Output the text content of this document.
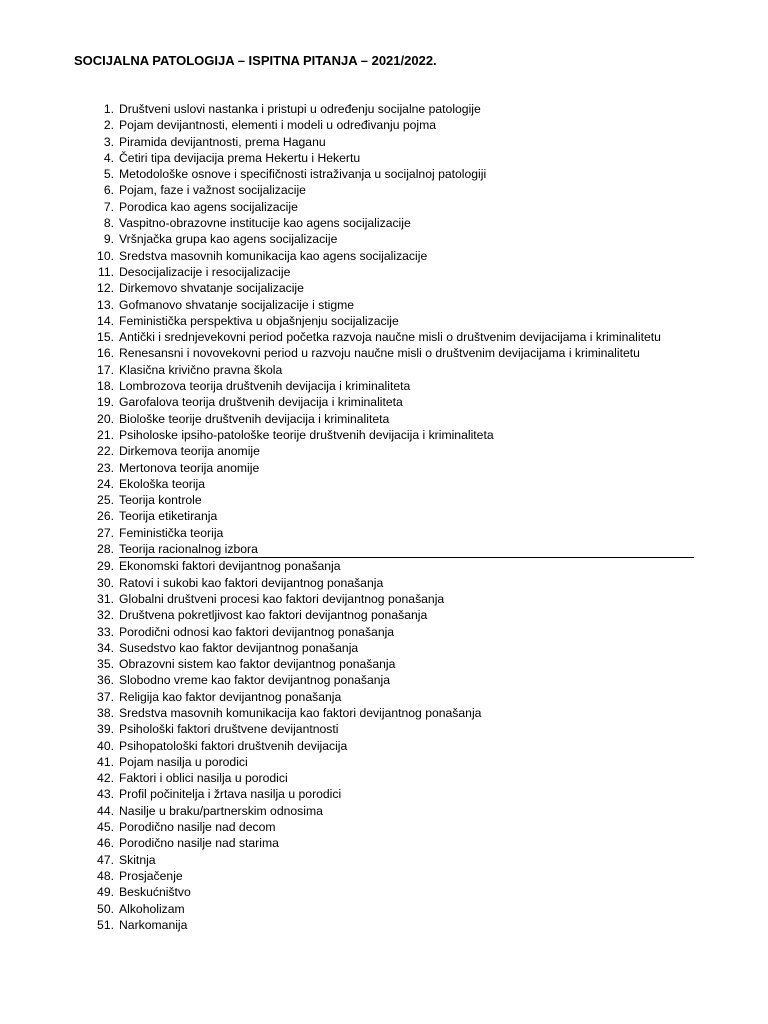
SOCIJALNA PATOLOGIJA – ISPITNA PITANJA – 2021/2022.
1. Društveni uslovi nastanka i pristupi u određenju socijalne patologije
2. Pojam devijantnosti, elementi i modeli u određivanju pojma
3. Piramida devijantnosti, prema Haganu
4. Četiri tipa devijacija prema Hekertu i Hekertu
5. Metodološke osnove i specifičnosti istraživanja u socijalnoj patologiji
6. Pojam, faze i važnost socijalizacije
7. Porodica kao agens socijalizacije
8. Vaspitno-obrazovne institucije kao agens socijalizacije
9. Vršnjačka grupa kao agens socijalizacije
10. Sredstva masovnih komunikacija kao agens socijalizacije
11. Desocijalizacije i resocijalizacije
12. Dirkemovo shvatanje socijalizacije
13. Gofmanovo shvatanje socijalizacije i stigme
14. Feministička perspektiva u objašnjenju socijalizacije
15. Antički i srednjevekovni period početka razvoja naučne misli o društvenim devijacijama i kriminalitetu
16. Renesansni i novovekovni period u razvoju naučne misli o društvenim devijacijama i kriminalitetu
17. Klasična krivično pravna škola
18. Lombrozova teorija društvenih devijacija i kriminaliteta
19. Garofalova teorija društvenih devijacija i kriminaliteta
20. Biološke teorije društvenih devijacija i kriminaliteta
21. Psiholoske ipsiho-patološke teorije društvenih devijacija i kriminaliteta
22. Dirkemova teorija anomije
23. Mertonova teorija anomije
24. Ekološka teorija
25. Teorija kontrole
26. Teorija etiketiranja
27. Feministička teorija
28. Teorija racionalnog izbora
29. Ekonomski faktori devijantnog ponašanja
30. Ratovi i sukobi kao faktori devijantnog ponašanja
31. Globalni društveni procesi kao faktori devijantnog ponašanja
32. Društvena pokretljivost kao faktori devijantnog ponašanja
33. Porodični odnosi kao faktori devijantnog ponašanja
34. Susedstvo kao faktor devijantnog ponašanja
35. Obrazovni sistem kao faktor devijantnog ponašanja
36. Slobodno vreme kao faktor devijantnog ponašanja
37. Religija kao faktor devijantnog ponašanja
38. Sredstva masovnih komunikacija kao faktori devijantnog ponašanja
39. Psihološki faktori društvene devijantnosti
40. Psihopatološki faktori društvenih devijacija
41. Pojam nasilja u porodici
42. Faktori i oblici nasilja u porodici
43. Profil počinitelja i žrtava nasilja u porodici
44. Nasilje u braku/partnerskim odnosima
45. Porodično nasilje nad decom
46. Porodično nasilje nad starima
47. Skitnja
48. Prosjačenje
49. Beskućništvo
50. Alkoholizam
51. Narkomanija
